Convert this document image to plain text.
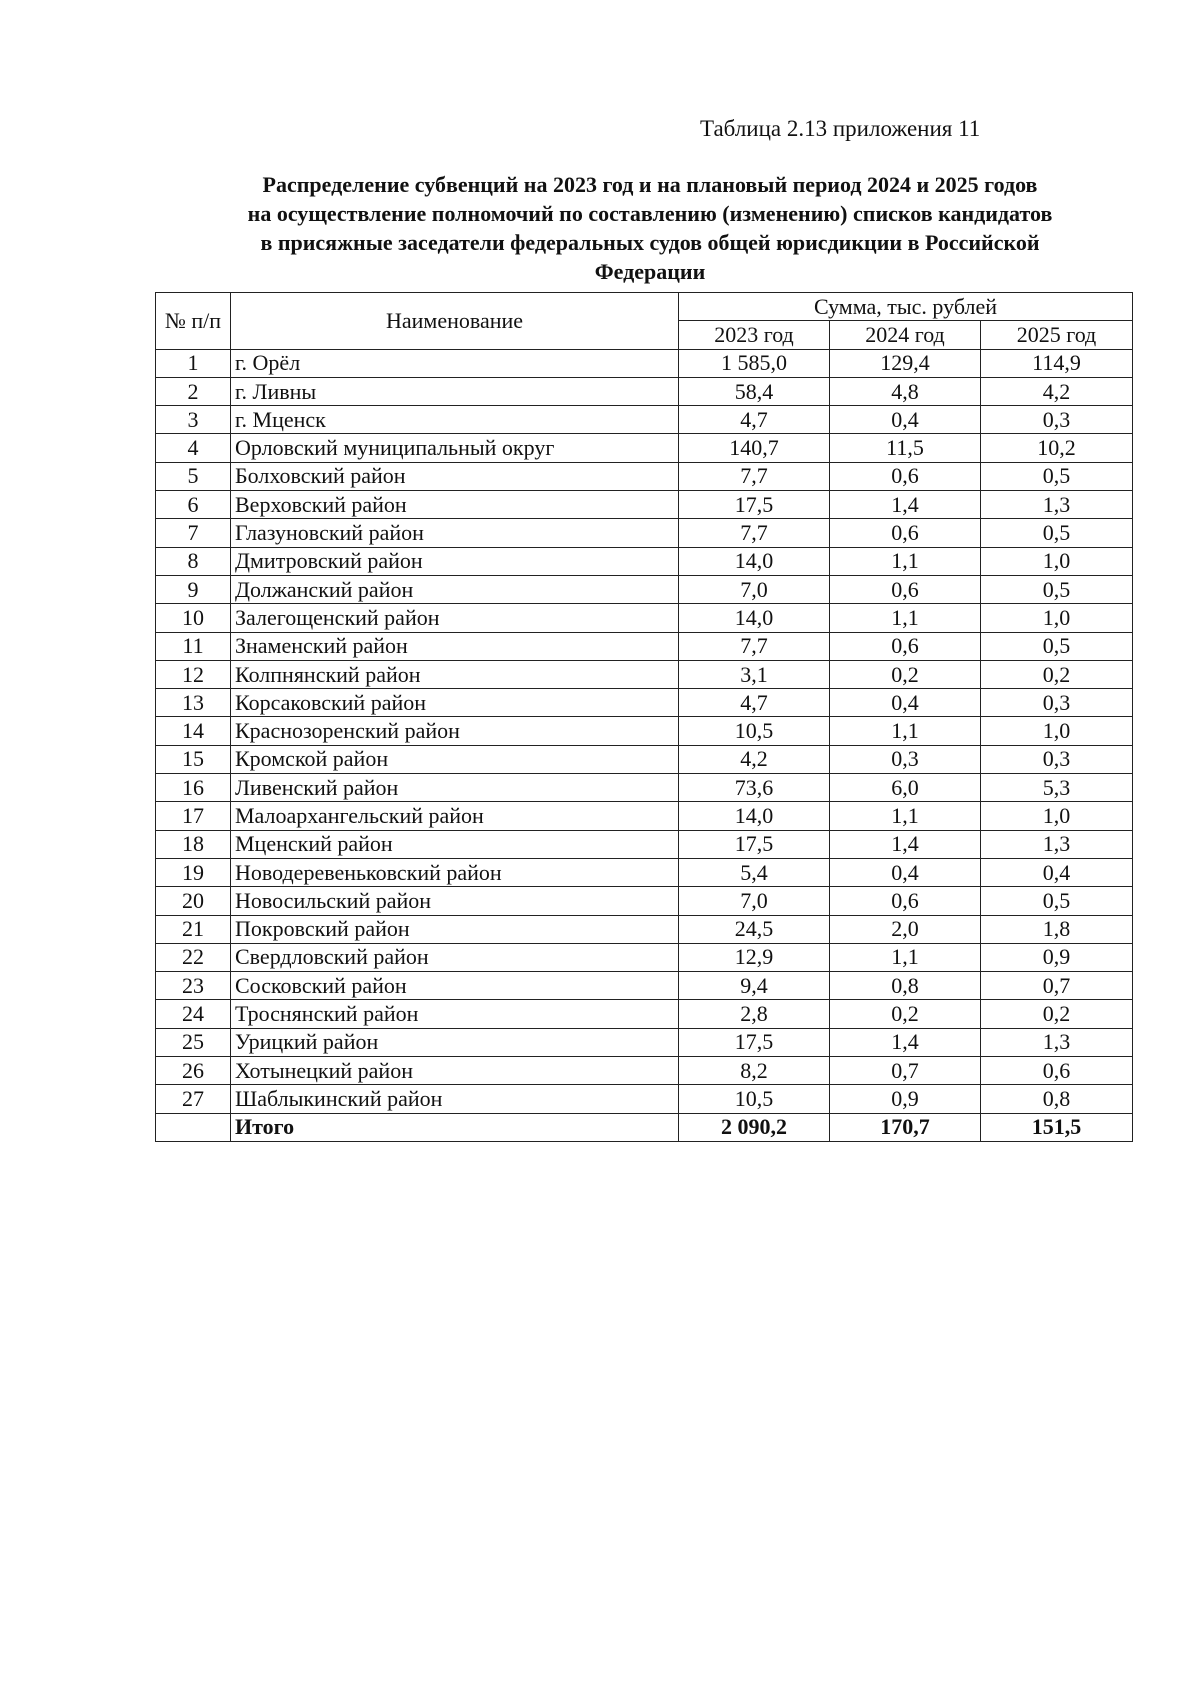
Таблица 2.13 приложения 11
Распределение субвенций на 2023 год и на плановый период 2024 и 2025 годов
на осуществление полномочий по составлению (изменению) списков кандидатов
в присяжные заседатели федеральных судов общей юрисдикции в Российской
Федерации
№ п/п	Наименование	Сумма, тыс. рублей		
		2023 год	2024 год	2025 год
1	г. Орёл	1 585,0	129,4	114,9
2	г. Ливны	58,4	4,8	4,2
3	г. Мценск	4,7	0,4	0,3
4	Орловский муниципальный округ	140,7	11,5	10,2
5	Болховский район	7,7	0,6	0,5
6	Верховский район	17,5	1,4	1,3
7	Глазуновский район	7,7	0,6	0,5
8	Дмитровский район	14,0	1,1	1,0
9	Должанский район	7,0	0,6	0,5
10	Залегощенский район	14,0	1,1	1,0
11	Знаменский район	7,7	0,6	0,5
12	Колпнянский район	3,1	0,2	0,2
13	Корсаковский район	4,7	0,4	0,3
14	Краснозоренский район	10,5	1,1	1,0
15	Кромской район	4,2	0,3	0,3
16	Ливенский район	73,6	6,0	5,3
17	Малоархангельский район	14,0	1,1	1,0
18	Мценский район	17,5	1,4	1,3
19	Новодеревеньковский район	5,4	0,4	0,4
20	Новосильский район	7,0	0,6	0,5
21	Покровский район	24,5	2,0	1,8
22	Свердловский район	12,9	1,1	0,9
23	Сосковский район	9,4	0,8	0,7
24	Троснянский район	2,8	0,2	0,2
25	Урицкий район	17,5	1,4	1,3
26	Хотынецкий район	8,2	0,7	0,6
27	Шаблыкинский район	10,5	0,9	0,8
	Итого	2 090,2	170,7	151,5
